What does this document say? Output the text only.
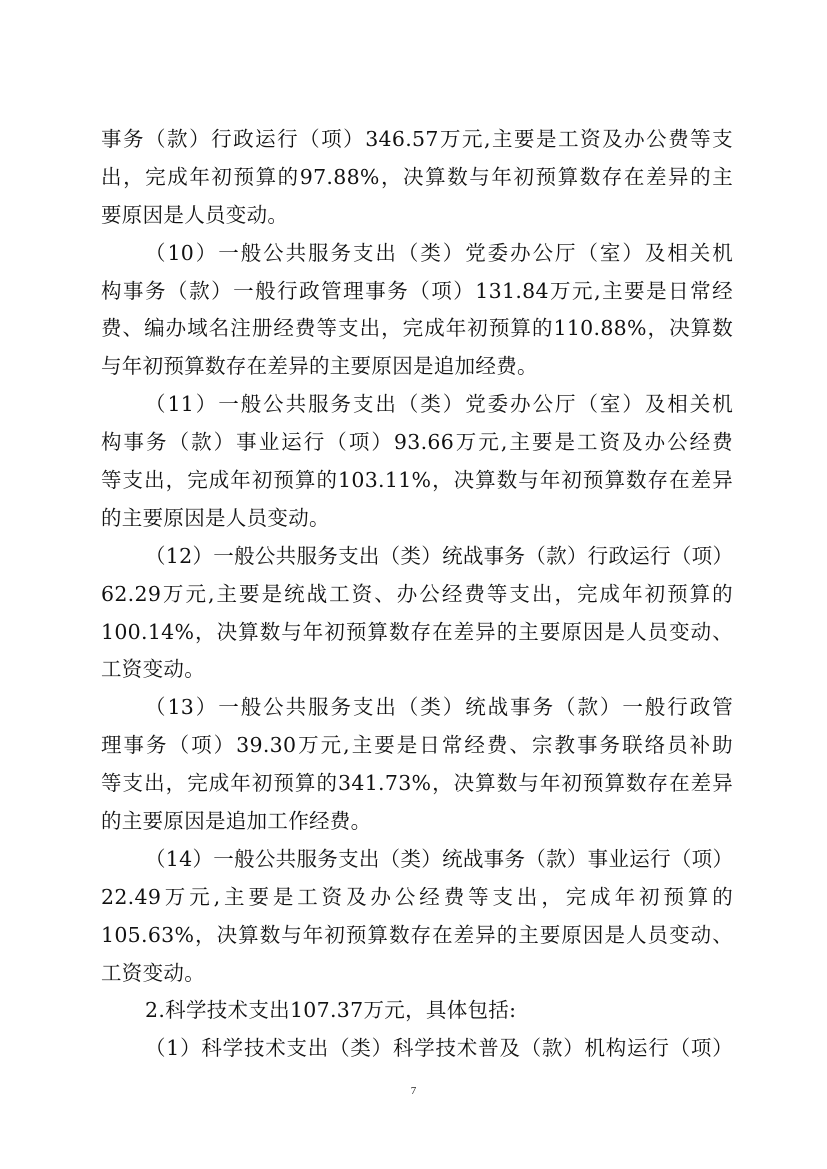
事务（款）行政运行（项）346.57万元,主要是工资及办公费等支
出，完成年初预算的97.88%，决算数与年初预算数存在差异的主
要原因是人员变动。
（10）一般公共服务支出（类）党委办公厅（室）及相关机
构事务（款）一般行政管理事务（项）131.84万元,主要是日常经
费、编办域名注册经费等支出，完成年初预算的110.88%，决算数
与年初预算数存在差异的主要原因是追加经费。
（11）一般公共服务支出（类）党委办公厅（室）及相关机
构事务（款）事业运行（项）93.66万元,主要是工资及办公经费
等支出，完成年初预算的103.11%，决算数与年初预算数存在差异
的主要原因是人员变动。
（12）一般公共服务支出（类）统战事务（款）行政运行（项）
62.29万元,主要是统战工资、办公经费等支出，完成年初预算的
100.14%，决算数与年初预算数存在差异的主要原因是人员变动、
工资变动。
（13）一般公共服务支出（类）统战事务（款）一般行政管
理事务（项）39.30万元,主要是日常经费、宗教事务联络员补助
等支出，完成年初预算的341.73%，决算数与年初预算数存在差异
的主要原因是追加工作经费。
（14）一般公共服务支出（类）统战事务（款）事业运行（项）
22.49万元,主要是工资及办公经费等支出，完成年初预算的
105.63%，决算数与年初预算数存在差异的主要原因是人员变动、
工资变动。
2.科学技术支出107.37万元，具体包括:
（1）科学技术支出（类）科学技术普及（款）机构运行（项）
7
